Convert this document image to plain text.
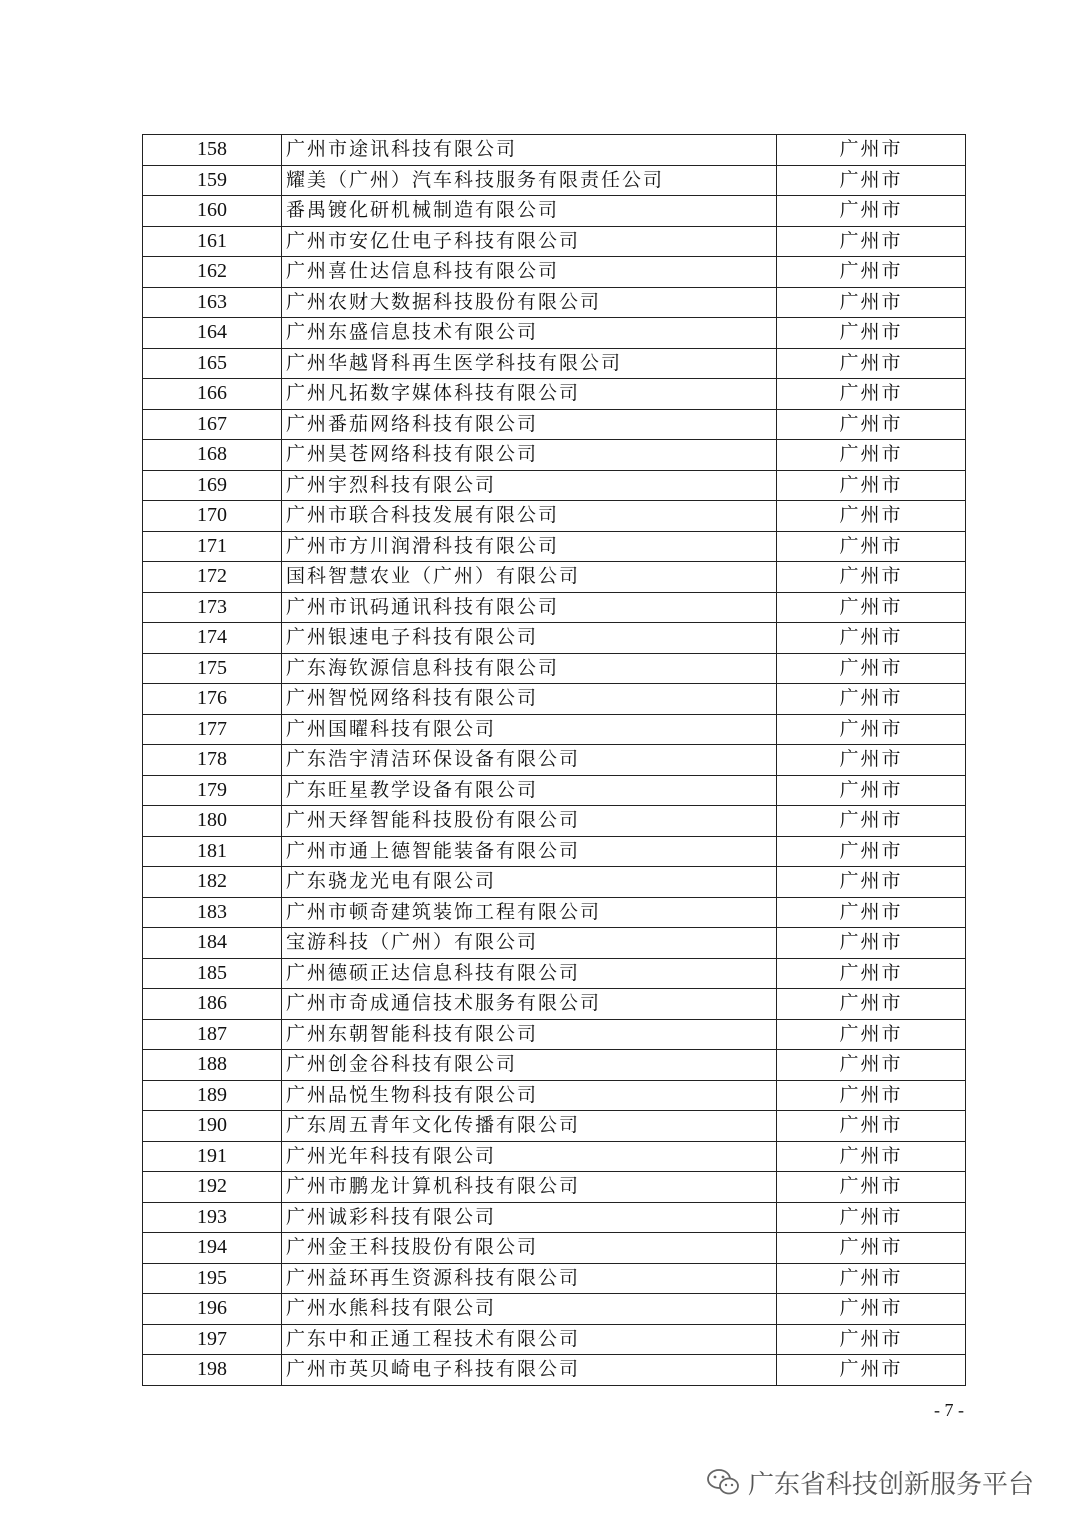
158	广州市途讯科技有限公司	广州市
159	耀美（广州）汽车科技服务有限责任公司	广州市
160	番禺镀化研机械制造有限公司	广州市
161	广州市安亿仕电子科技有限公司	广州市
162	广州喜仕达信息科技有限公司	广州市
163	广州农财大数据科技股份有限公司	广州市
164	广州东盛信息技术有限公司	广州市
165	广州华越肾科再生医学科技有限公司	广州市
166	广州凡拓数字媒体科技有限公司	广州市
167	广州番茄网络科技有限公司	广州市
168	广州昊苍网络科技有限公司	广州市
169	广州宇烈科技有限公司	广州市
170	广州市联合科技发展有限公司	广州市
171	广州市方川润滑科技有限公司	广州市
172	国科智慧农业（广州）有限公司	广州市
173	广州市讯码通讯科技有限公司	广州市
174	广州银速电子科技有限公司	广州市
175	广东海钦源信息科技有限公司	广州市
176	广州智悦网络科技有限公司	广州市
177	广州国曜科技有限公司	广州市
178	广东浩宇清洁环保设备有限公司	广州市
179	广东旺星教学设备有限公司	广州市
180	广州天绎智能科技股份有限公司	广州市
181	广州市通上德智能装备有限公司	广州市
182	广东骁龙光电有限公司	广州市
183	广州市顿奇建筑装饰工程有限公司	广州市
184	宝游科技（广州）有限公司	广州市
185	广州德硕正达信息科技有限公司	广州市
186	广州市奇成通信技术服务有限公司	广州市
187	广州东朝智能科技有限公司	广州市
188	广州创金谷科技有限公司	广州市
189	广州品悦生物科技有限公司	广州市
190	广东周五青年文化传播有限公司	广州市
191	广州光年科技有限公司	广州市
192	广州市鹏龙计算机科技有限公司	广州市
193	广州诚彩科技有限公司	广州市
194	广州金王科技股份有限公司	广州市
195	广州益环再生资源科技有限公司	广州市
196	广州水熊科技有限公司	广州市
197	广东中和正通工程技术有限公司	广州市
198	广州市英贝崎电子科技有限公司	广州市
- 7 -
广东省科技创新服务平台
